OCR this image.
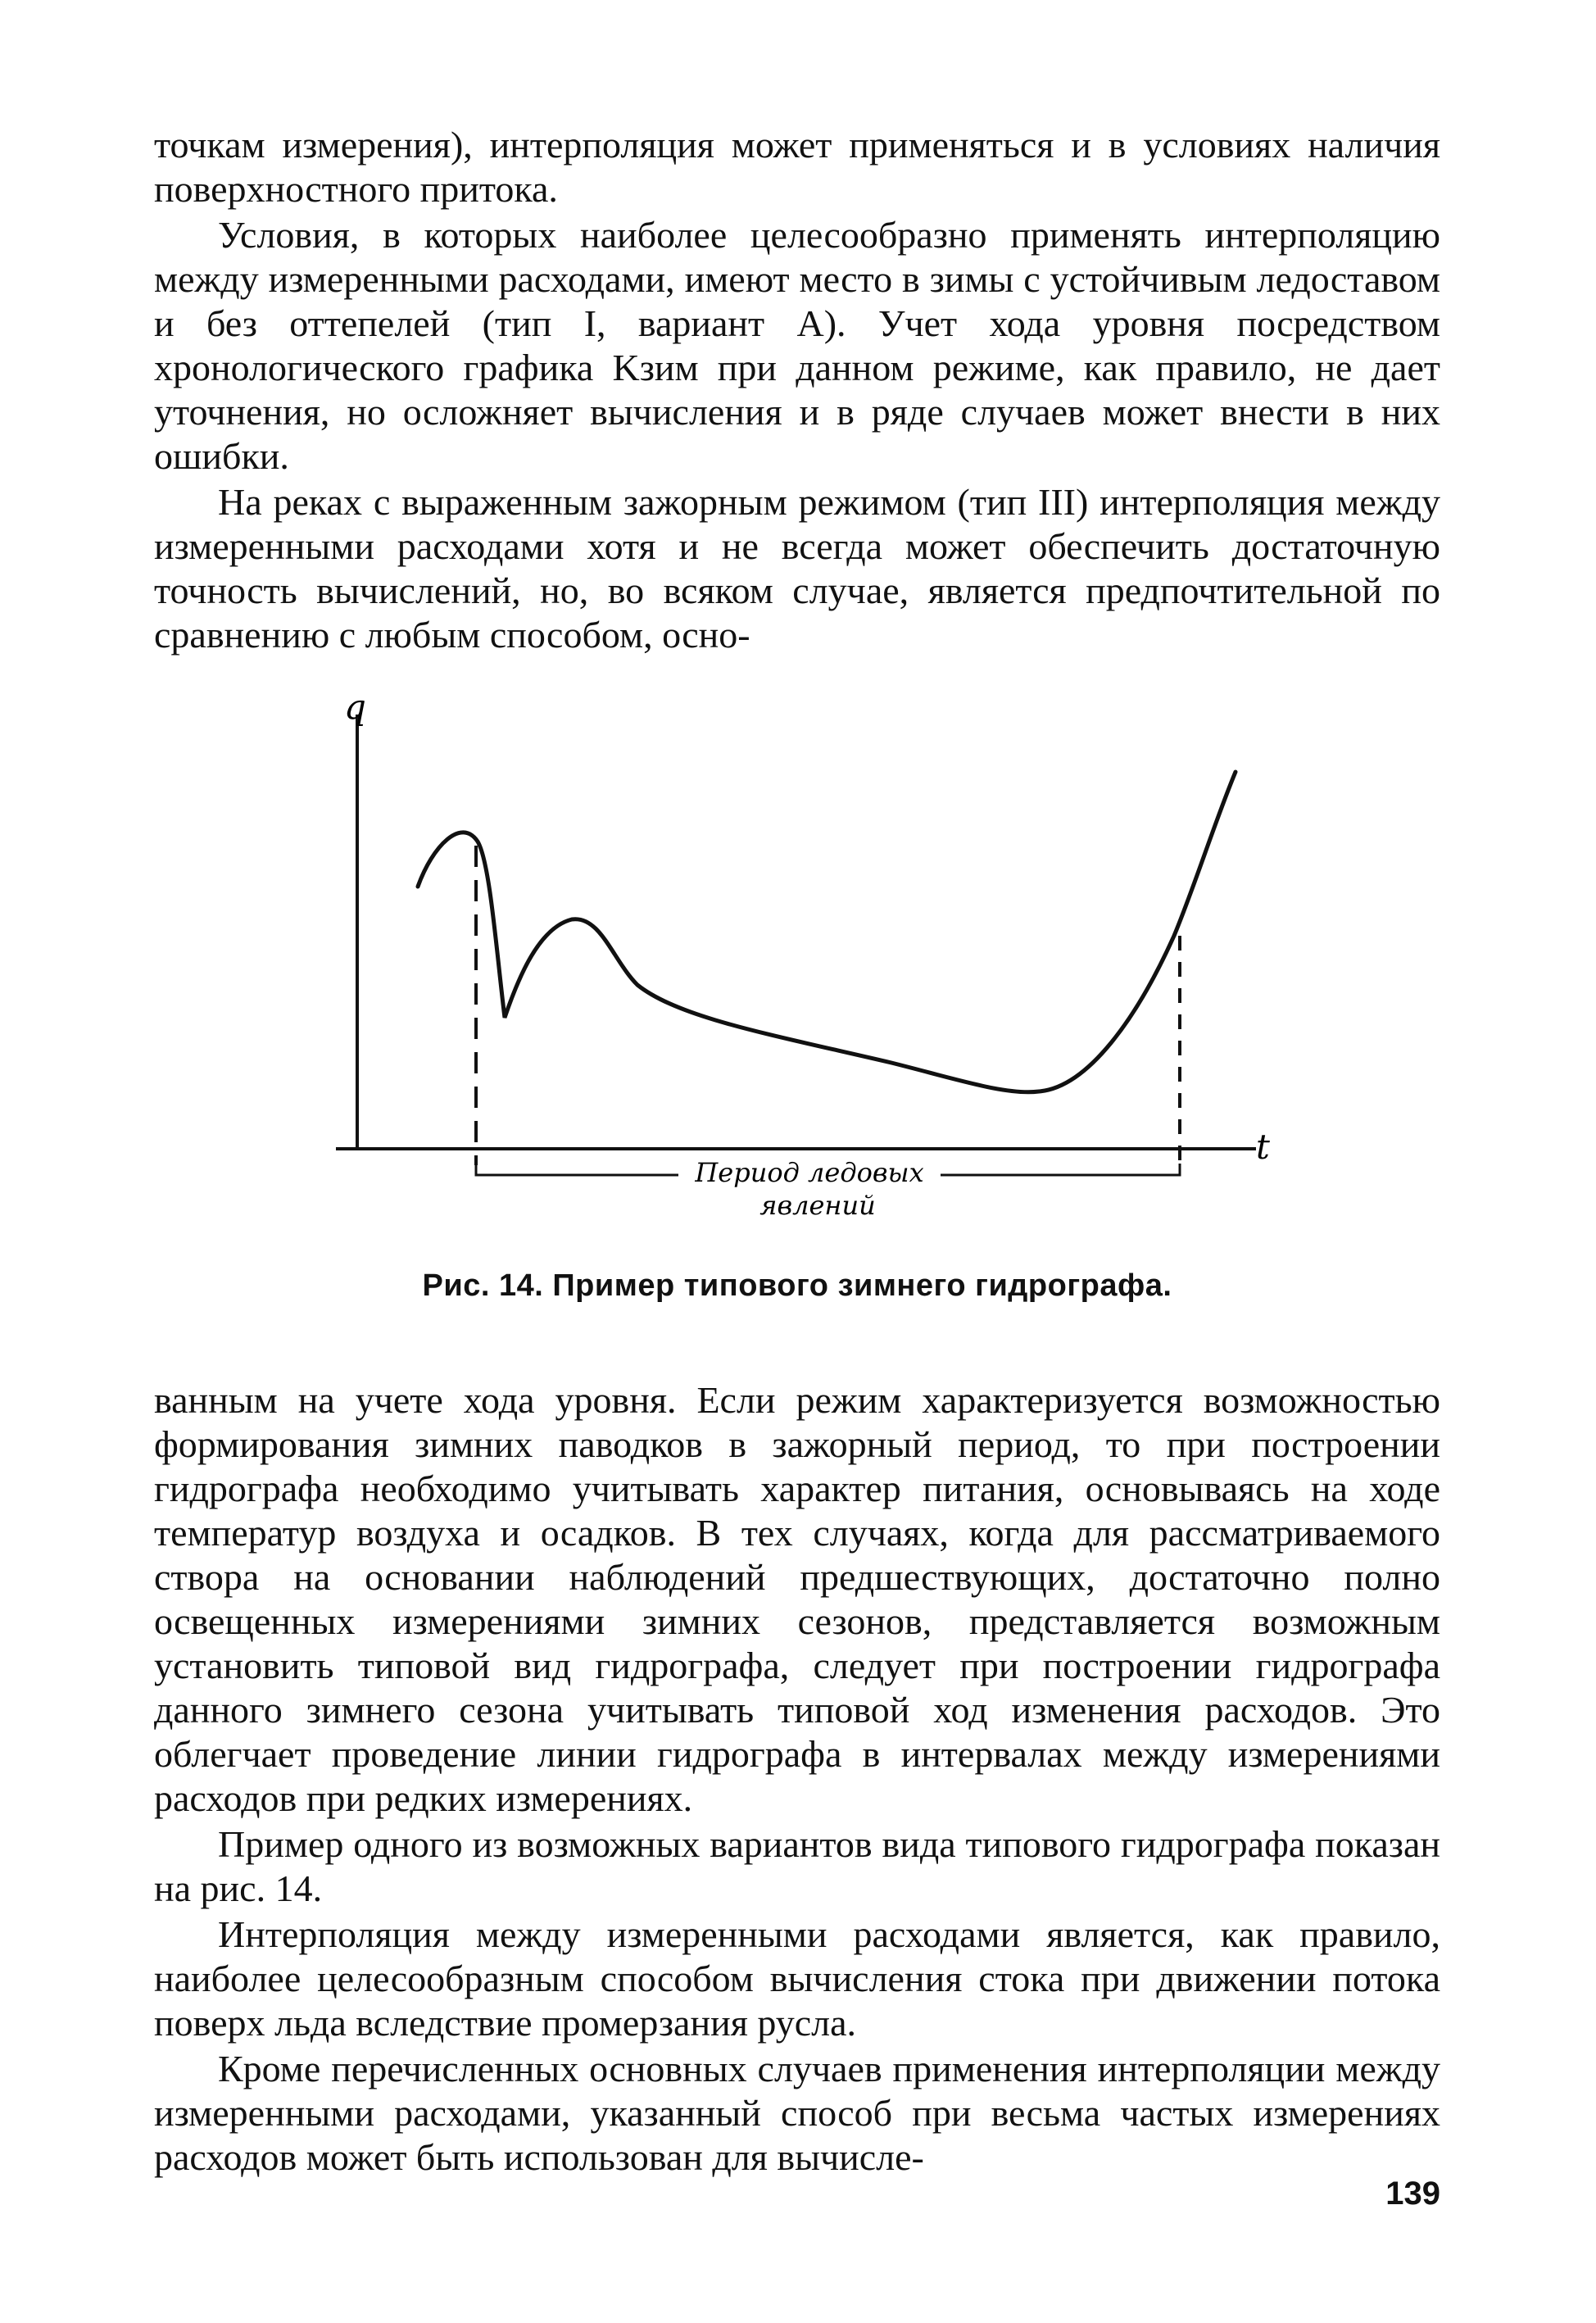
точкам измерения), интерполяция может применяться и в условиях наличия поверхностного притока.

Условия, в которых наиболее целесообразно применять интерполяцию между измеренными расходами, имеют место в зимы с устойчивым ледоставом и без оттепелей (тип I, вариант А). Учет хода уровня посредством хронологического графика Kзим при данном режиме, как правило, не дает уточнения, но осложняет вычисления и в ряде случаев может внести в них ошибки.

На реках с выраженным зажорным режимом (тип III) интерполяция между измеренными расходами хотя и не всегда может обеспечить достаточную точность вычислений, но, во всяком случае, является предпочтительной по сравнению с любым способом, осно-

q
t
Период ледовых
явлений
Рис. 14. Пример типового зимнего гидрографа.

ванным на учете хода уровня. Если режим характеризуется возможностью формирования зимних паводков в зажорный период, то при построении гидрографа необходимо учитывать характер питания, основываясь на ходе температур воздуха и осадков. В тех случаях, когда для рассматриваемого створа на основании наблюдений предшествующих, достаточно полно освещенных измерениями зимних сезонов, представляется возможным установить типовой вид гидрографа, следует при построении гидрографа данного зимнего сезона учитывать типовой ход изменения расходов. Это облегчает проведение линии гидрографа в интервалах между измерениями расходов при редких измерениях.

Пример одного из возможных вариантов вида типового гидрографа показан на рис. 14.

Интерполяция между измеренными расходами является, как правило, наиболее целесообразным способом вычисления стока при движении потока поверх льда вследствие промерзания русла.

Кроме перечисленных основных случаев применения интерполяции между измеренными расходами, указанный способ при весьма частых измерениях расходов может быть использован для вычисле-

139
